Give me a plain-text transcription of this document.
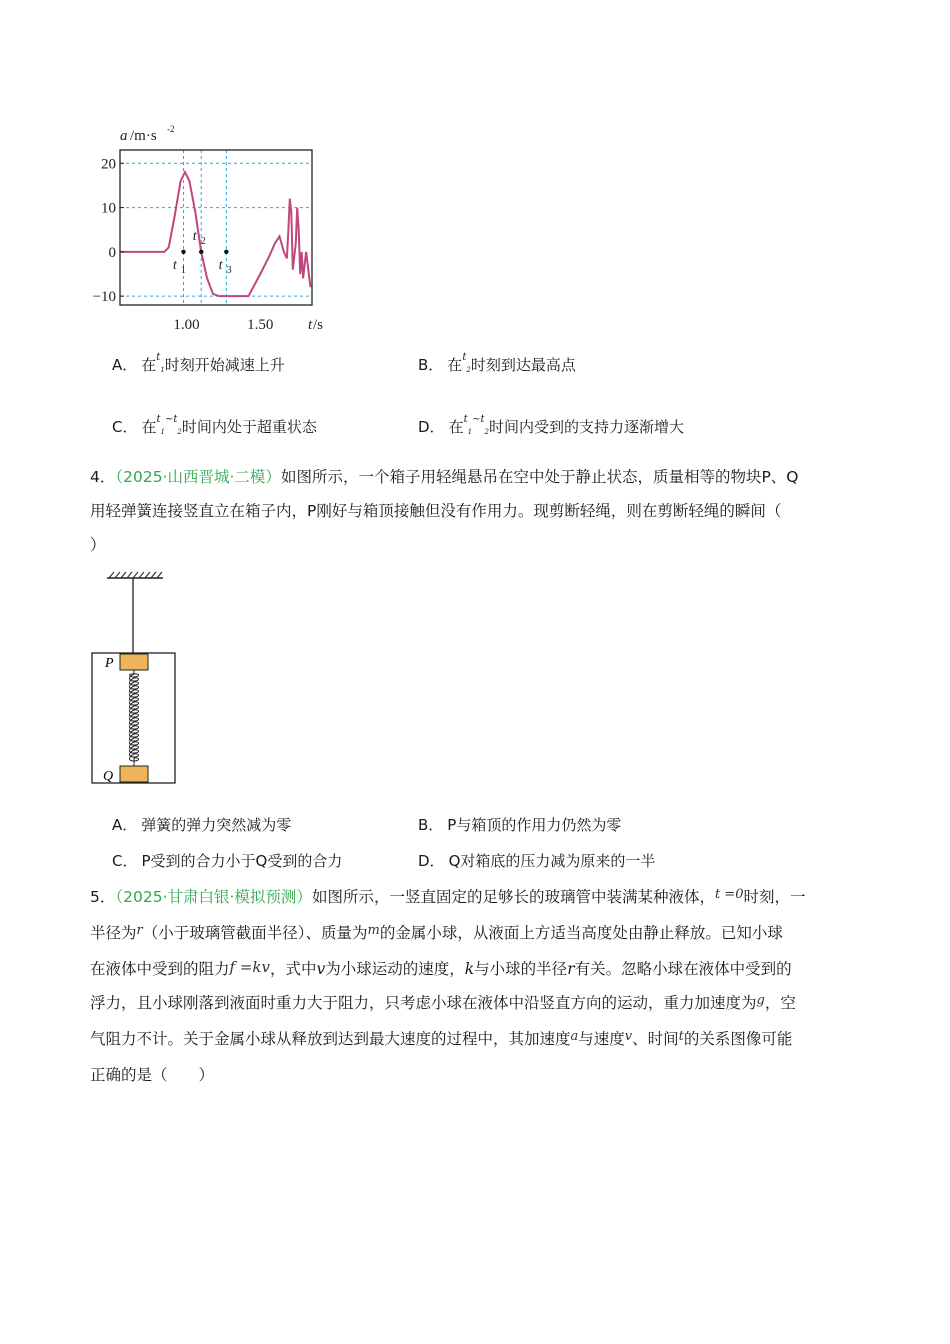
20
10
0
−10
1.00	1.50
a /m·s -2
t /s
t 1
t 2
t 3
A． 在$^t$1时刻开始减速上升	B． 在$^t$2时刻到达最高点
C． 在$^t1^{\sim t}2$时间内处于超重状态	D． 在$^t1^{\sim t}2$时间内受到的支持力逐渐增大
4．（2025·山西晋城·二模）如图所示，一个箱子用轻绳悬吊在空中处于静止状态，质量相等的物块P、Q
用轻弹簧连接竖直立在箱子内，P刚好与箱顶接触但没有作用力。现剪断轻绳，则在剪断轻绳的瞬间（
）
P
Q
A． 弹簧的弹力突然减为零	B． P与箱顶的作用力仍然为零
C． P受到的合力小于Q受到的合力	D． Q对箱底的压力减为原来的一半
5．（2025·甘肃白银·模拟预测）如图所示，一竖直固定的足够长的玻璃管中装满某种液体，$^{t =0}$时刻，一
半径为$^r$（小于玻璃管截面半径）、质量为$^m$的金属小球，从液面上方适当高度处由静止释放。已知小球
在液体中受到的阻力f =kv，式中v为小球运动的速度，k与小球的半径r有关。忽略小球在液体中受到的
浮力，且小球刚落到液面时重力大于阻力，只考虑小球在液体中沿竖直方向的运动，重力加速度为$^g$，空
气阻力不计。关于金属小球从释放到达到最大速度的过程中，其加速度$^a$与速度$^v$、时间$^t$的关系图像可能
正确的是（　　）
